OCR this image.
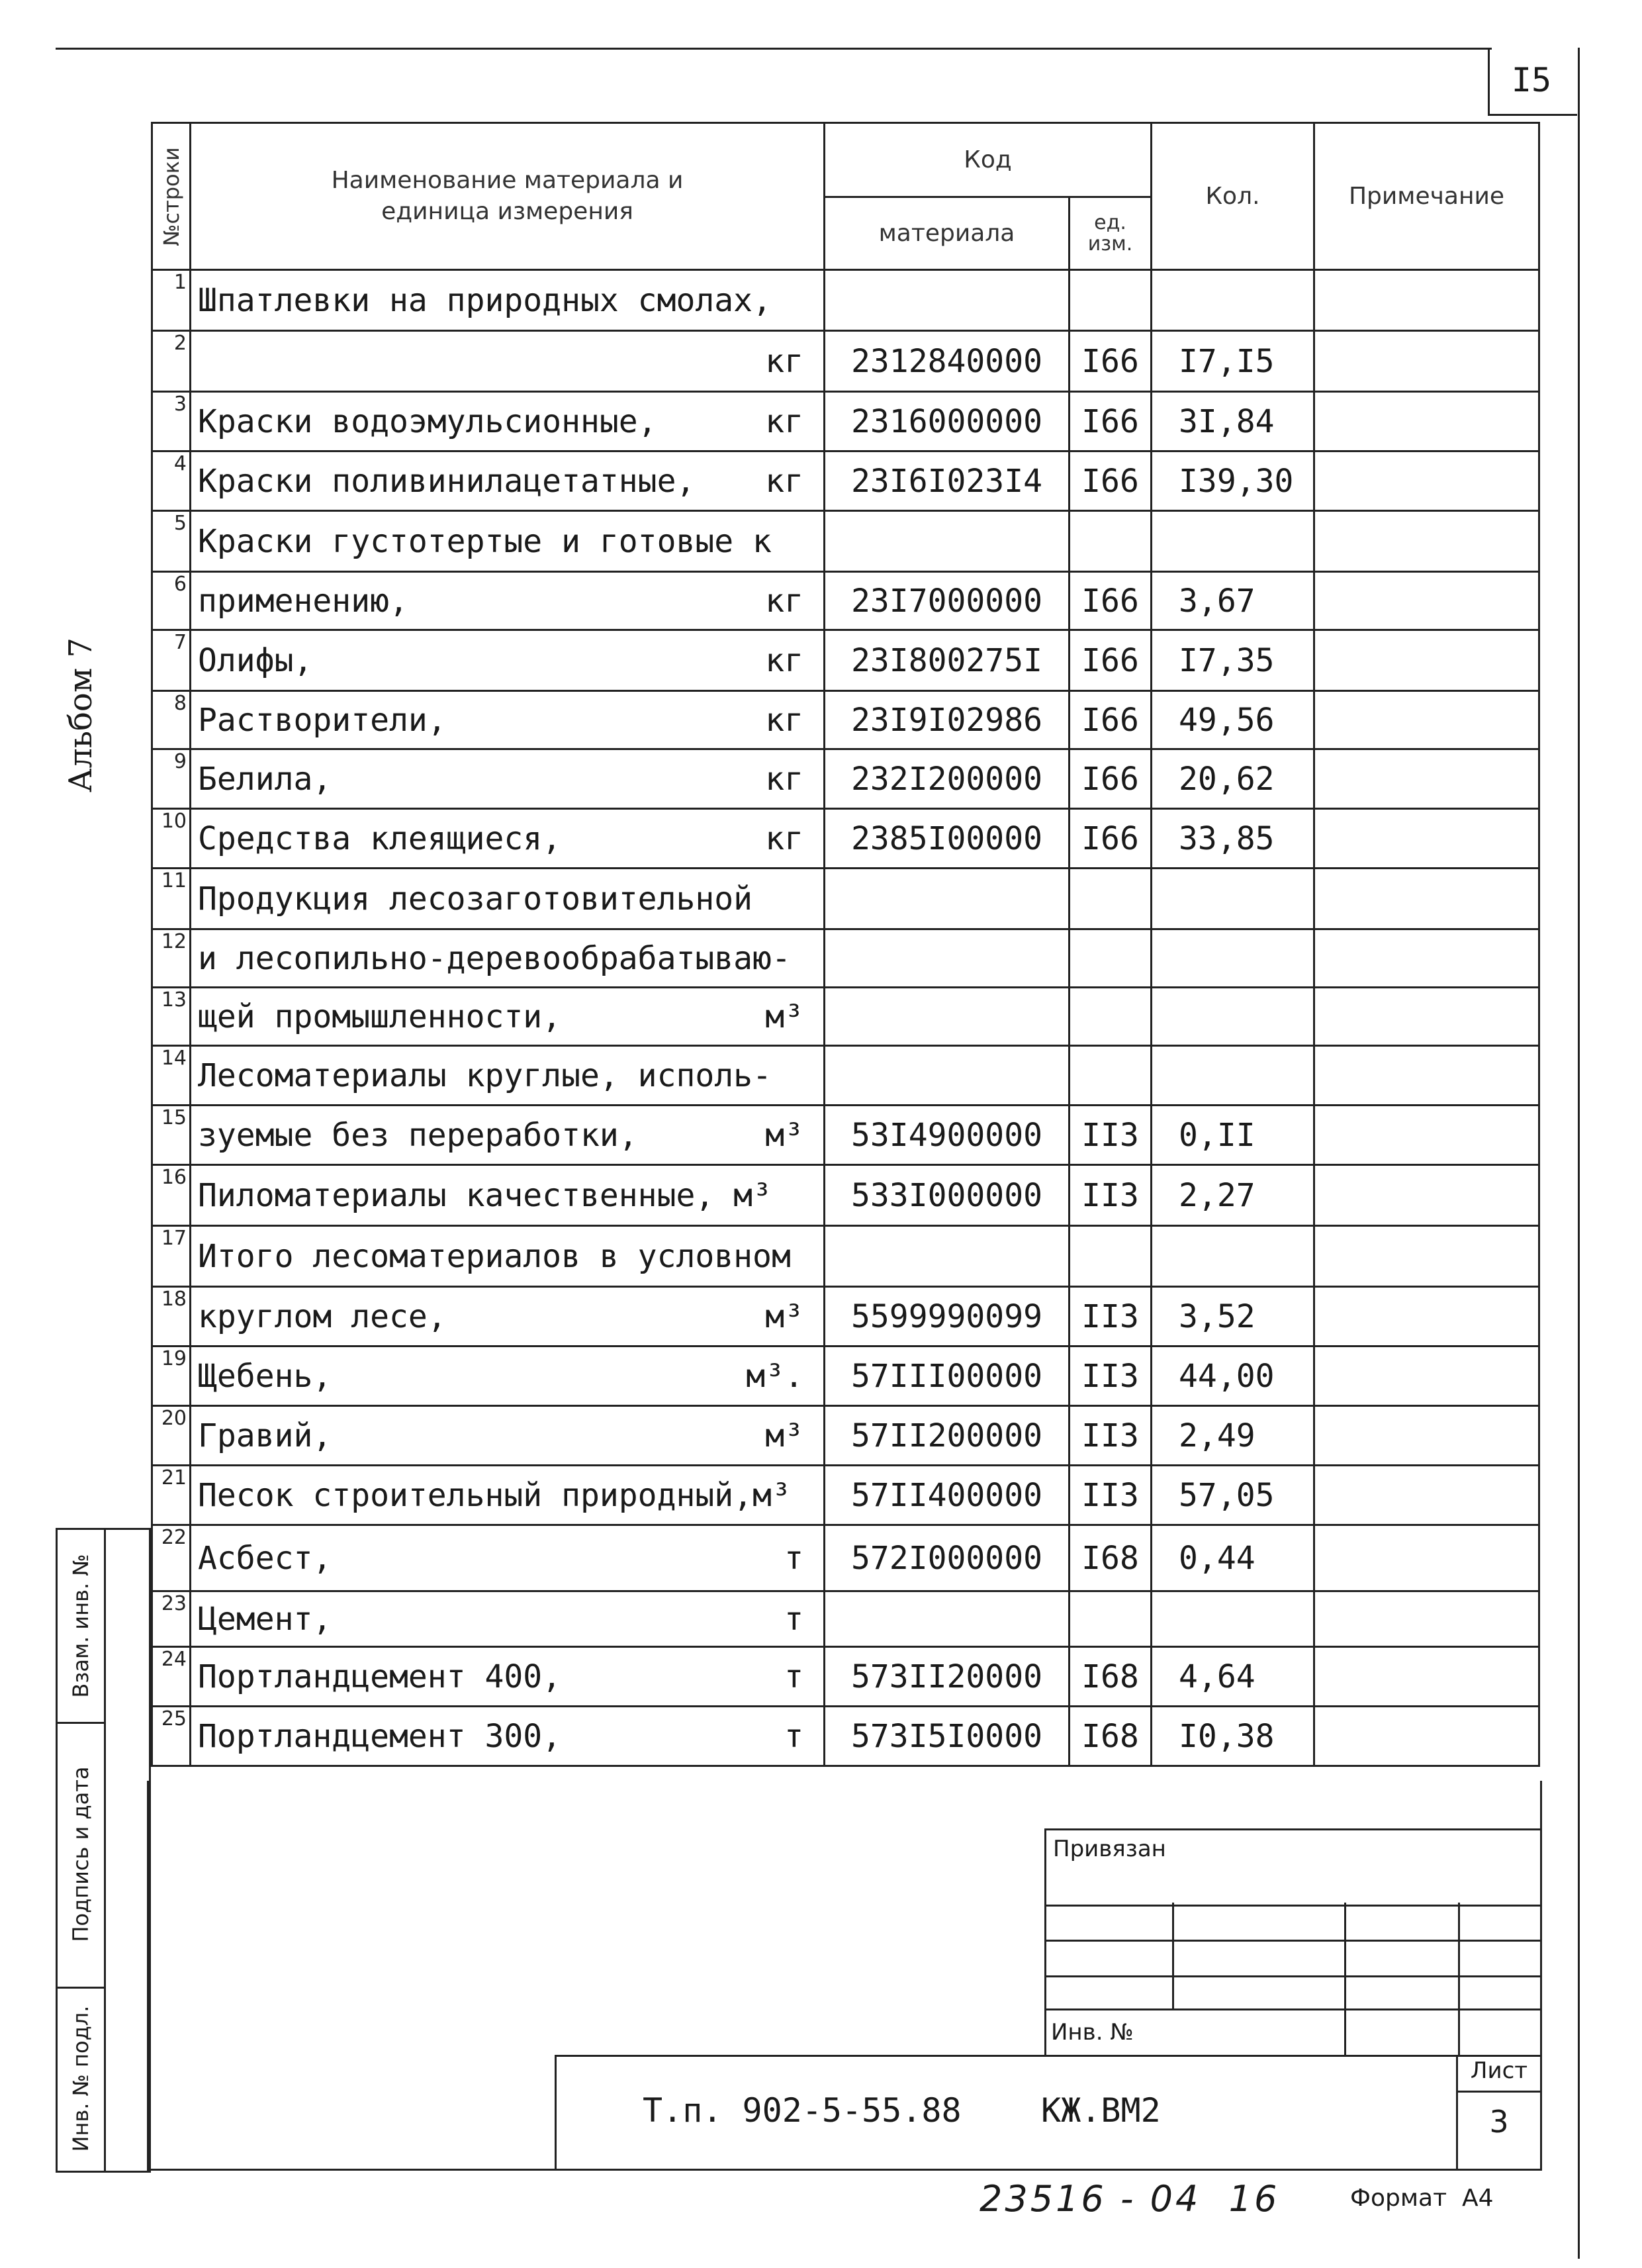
I5
Альбом 7
№строки	Наименование материала и
единица измерения	Код		Кол.	Примечание
		материала	ед. изм.		
1	Шпатлевки на природных смолах,

2	кг	2312840000	I66	I7,I5	
3	Краски водоэмульсионные, кг	2316000000	I66	3I,84	
4	Краски поливинилацетатные, кг	23I6I023I4	I66	I39,30	
5	Краски густотертые и готовые к

6	применению, кг	23I7000000	I66	3,67	
7	Олифы, кг	23I800275I	I66	I7,35	
8	Растворители, кг	23I9I02986	I66	49,56	
9	Белила, кг	232I200000	I66	20,62	
10	Средства клеящиеся, кг	2385I00000	I66	33,85	
11	Продукция лесозаготовительной

12	и лесопильно-деревообрабатываю-

13	щей промышленности, м³				

14	Лесоматериалы круглые, исполь-

15	зуемые без переработки, м³	53I4900000	II3	0,II	
16	Пиломатериалы качественные, м³	533I000000	II3	2,27	
17	Итого лесоматериалов в условном

18	круглом лесе, м³	5599990099	II3	3,52	
19	Щебень, м³.	57III00000	II3	44,00	
20	Гравий, м³	57II200000	II3	2,49	
21	Песок строительный природный,м³	57II400000	II3	57,05	
22	Асбест, т	572I000000	I68	0,44	
23	Цемент, т				

24	Портландцемент 400, т	573II20000	I68	4,64	
25	Портландцемент 300, т	573I5I0000	I68	I0,38	
Взам. инв. №
Подпись и дата
Инв. № подл.
Привязан
Инв. №
Т.п. 902-5-55.88    КЖ.ВМ2
Лист
3
23516 - 04  16	Формат  А4
